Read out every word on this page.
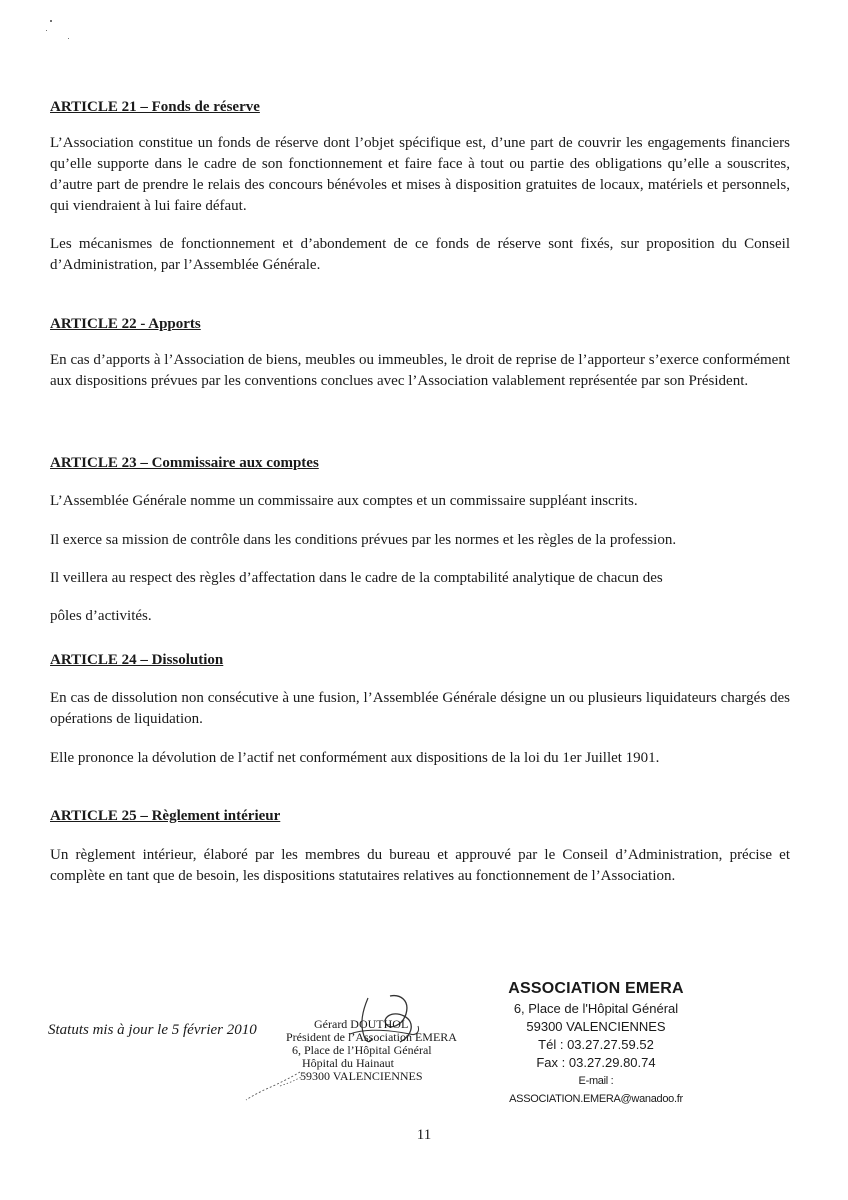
ARTICLE 21 – Fonds de réserve

L’Association constitue un fonds de réserve dont l’objet spécifique est, d’une part de couvrir les engagements financiers qu’elle supporte dans le cadre de son fonctionnement et faire face à tout ou partie des obligations qu’elle a souscrites, d’autre part de prendre le relais des concours bénévoles et mises à disposition gratuites de locaux, matériels et personnels, qui viendraient à lui faire défaut.

Les mécanismes de fonctionnement et d’abondement de ce fonds de réserve sont fixés, sur proposition du Conseil d’Administration, par l’Assemblée Générale.

ARTICLE 22 - Apports

En cas d’apports à l’Association de biens, meubles ou immeubles, le droit de reprise de l’apporteur s’exerce conformément aux dispositions prévues par les conventions conclues avec l’Association valablement représentée par son Président.

ARTICLE 23 – Commissaire aux comptes

L’Assemblée Générale nomme un commissaire aux comptes et un commissaire suppléant inscrits.

Il exerce sa mission de contrôle dans les conditions prévues par les normes et les règles de la profession.

Il veillera au respect des règles d’affectation dans le cadre de la comptabilité analytique de chacun des

pôles d’activités.

ARTICLE 24 – Dissolution

En cas de dissolution non consécutive à une fusion, l’Assemblée Générale désigne un ou plusieurs liquidateurs chargés des opérations de liquidation.

Elle prononce la dévolution de l’actif net conformément aux dispositions de la loi du 1er Juillet 1901.

ARTICLE 25 – Règlement intérieur

Un règlement intérieur, élaboré par les membres du bureau et approuvé par le Conseil d’Administration, précise et complète en tant que de besoin, les dispositions statutaires relatives au fonctionnement de l’Association.

Statuts mis à jour le 5 février 2010	Gérard DOUTHOL
Président de l’Association EMERA
6, Place de l’Hôpital Général
Hôpital du Hainaut
59300 VALENCIENNES
ASSOCIATION EMERA
6, Place de l'Hôpital Général
59300 VALENCIENNES
Tél : 03.27.27.59.52
Fax : 03.27.29.80.74
E-mail : ASSOCIATION.EMERA@wanadoo.fr
11
